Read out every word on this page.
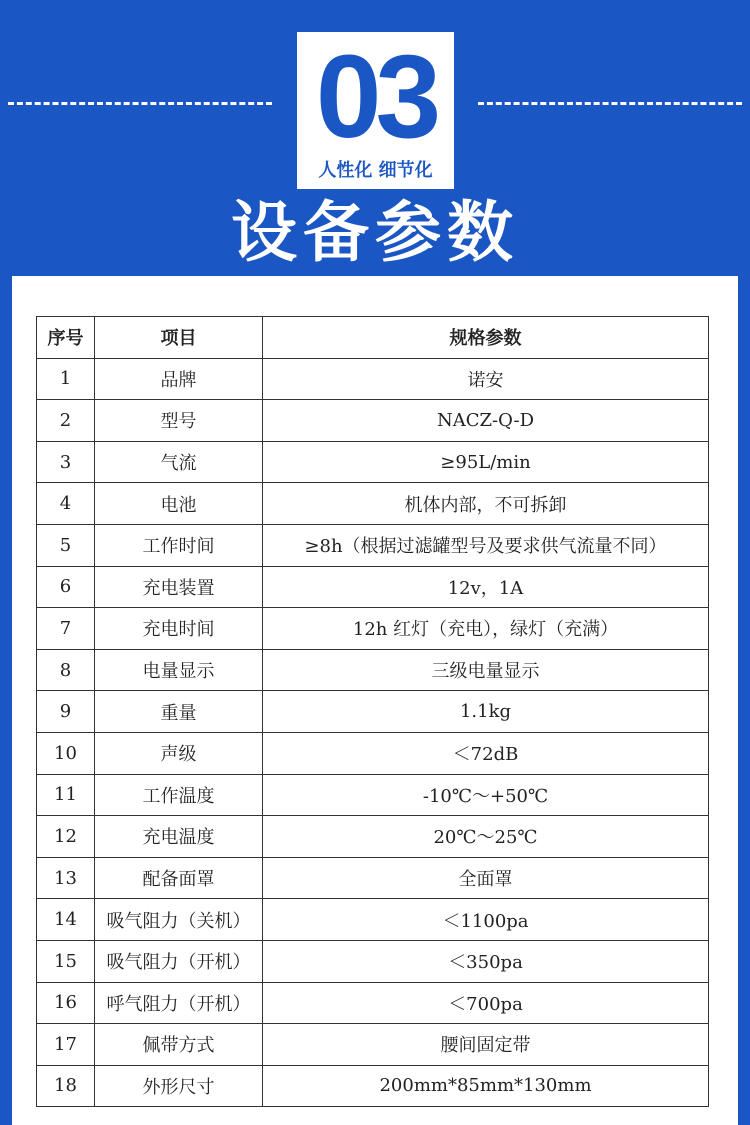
03
人性化 细节化
设备参数
序号	项目	规格参数
1	品牌	诺安
2	型号	NACZ-Q-D
3	气流	≥95L/min
4	电池	机体内部，不可拆卸
5	工作时间	≥8h（根据过滤罐型号及要求供气流量不同）
6	充电装置	12v，1A
7	充电时间	12h 红灯（充电），绿灯（充满）
8	电量显示	三级电量显示
9	重量	1.1kg
10	声级	＜72dB
11	工作温度	-10℃～+50℃
12	充电温度	20℃～25℃
13	配备面罩	全面罩
14	吸气阻力（关机）	＜1100pa
15	吸气阻力（开机）	＜350pa
16	呼气阻力（开机）	＜700pa
17	佩带方式	腰间固定带
18	外形尺寸	200mm*85mm*130mm
